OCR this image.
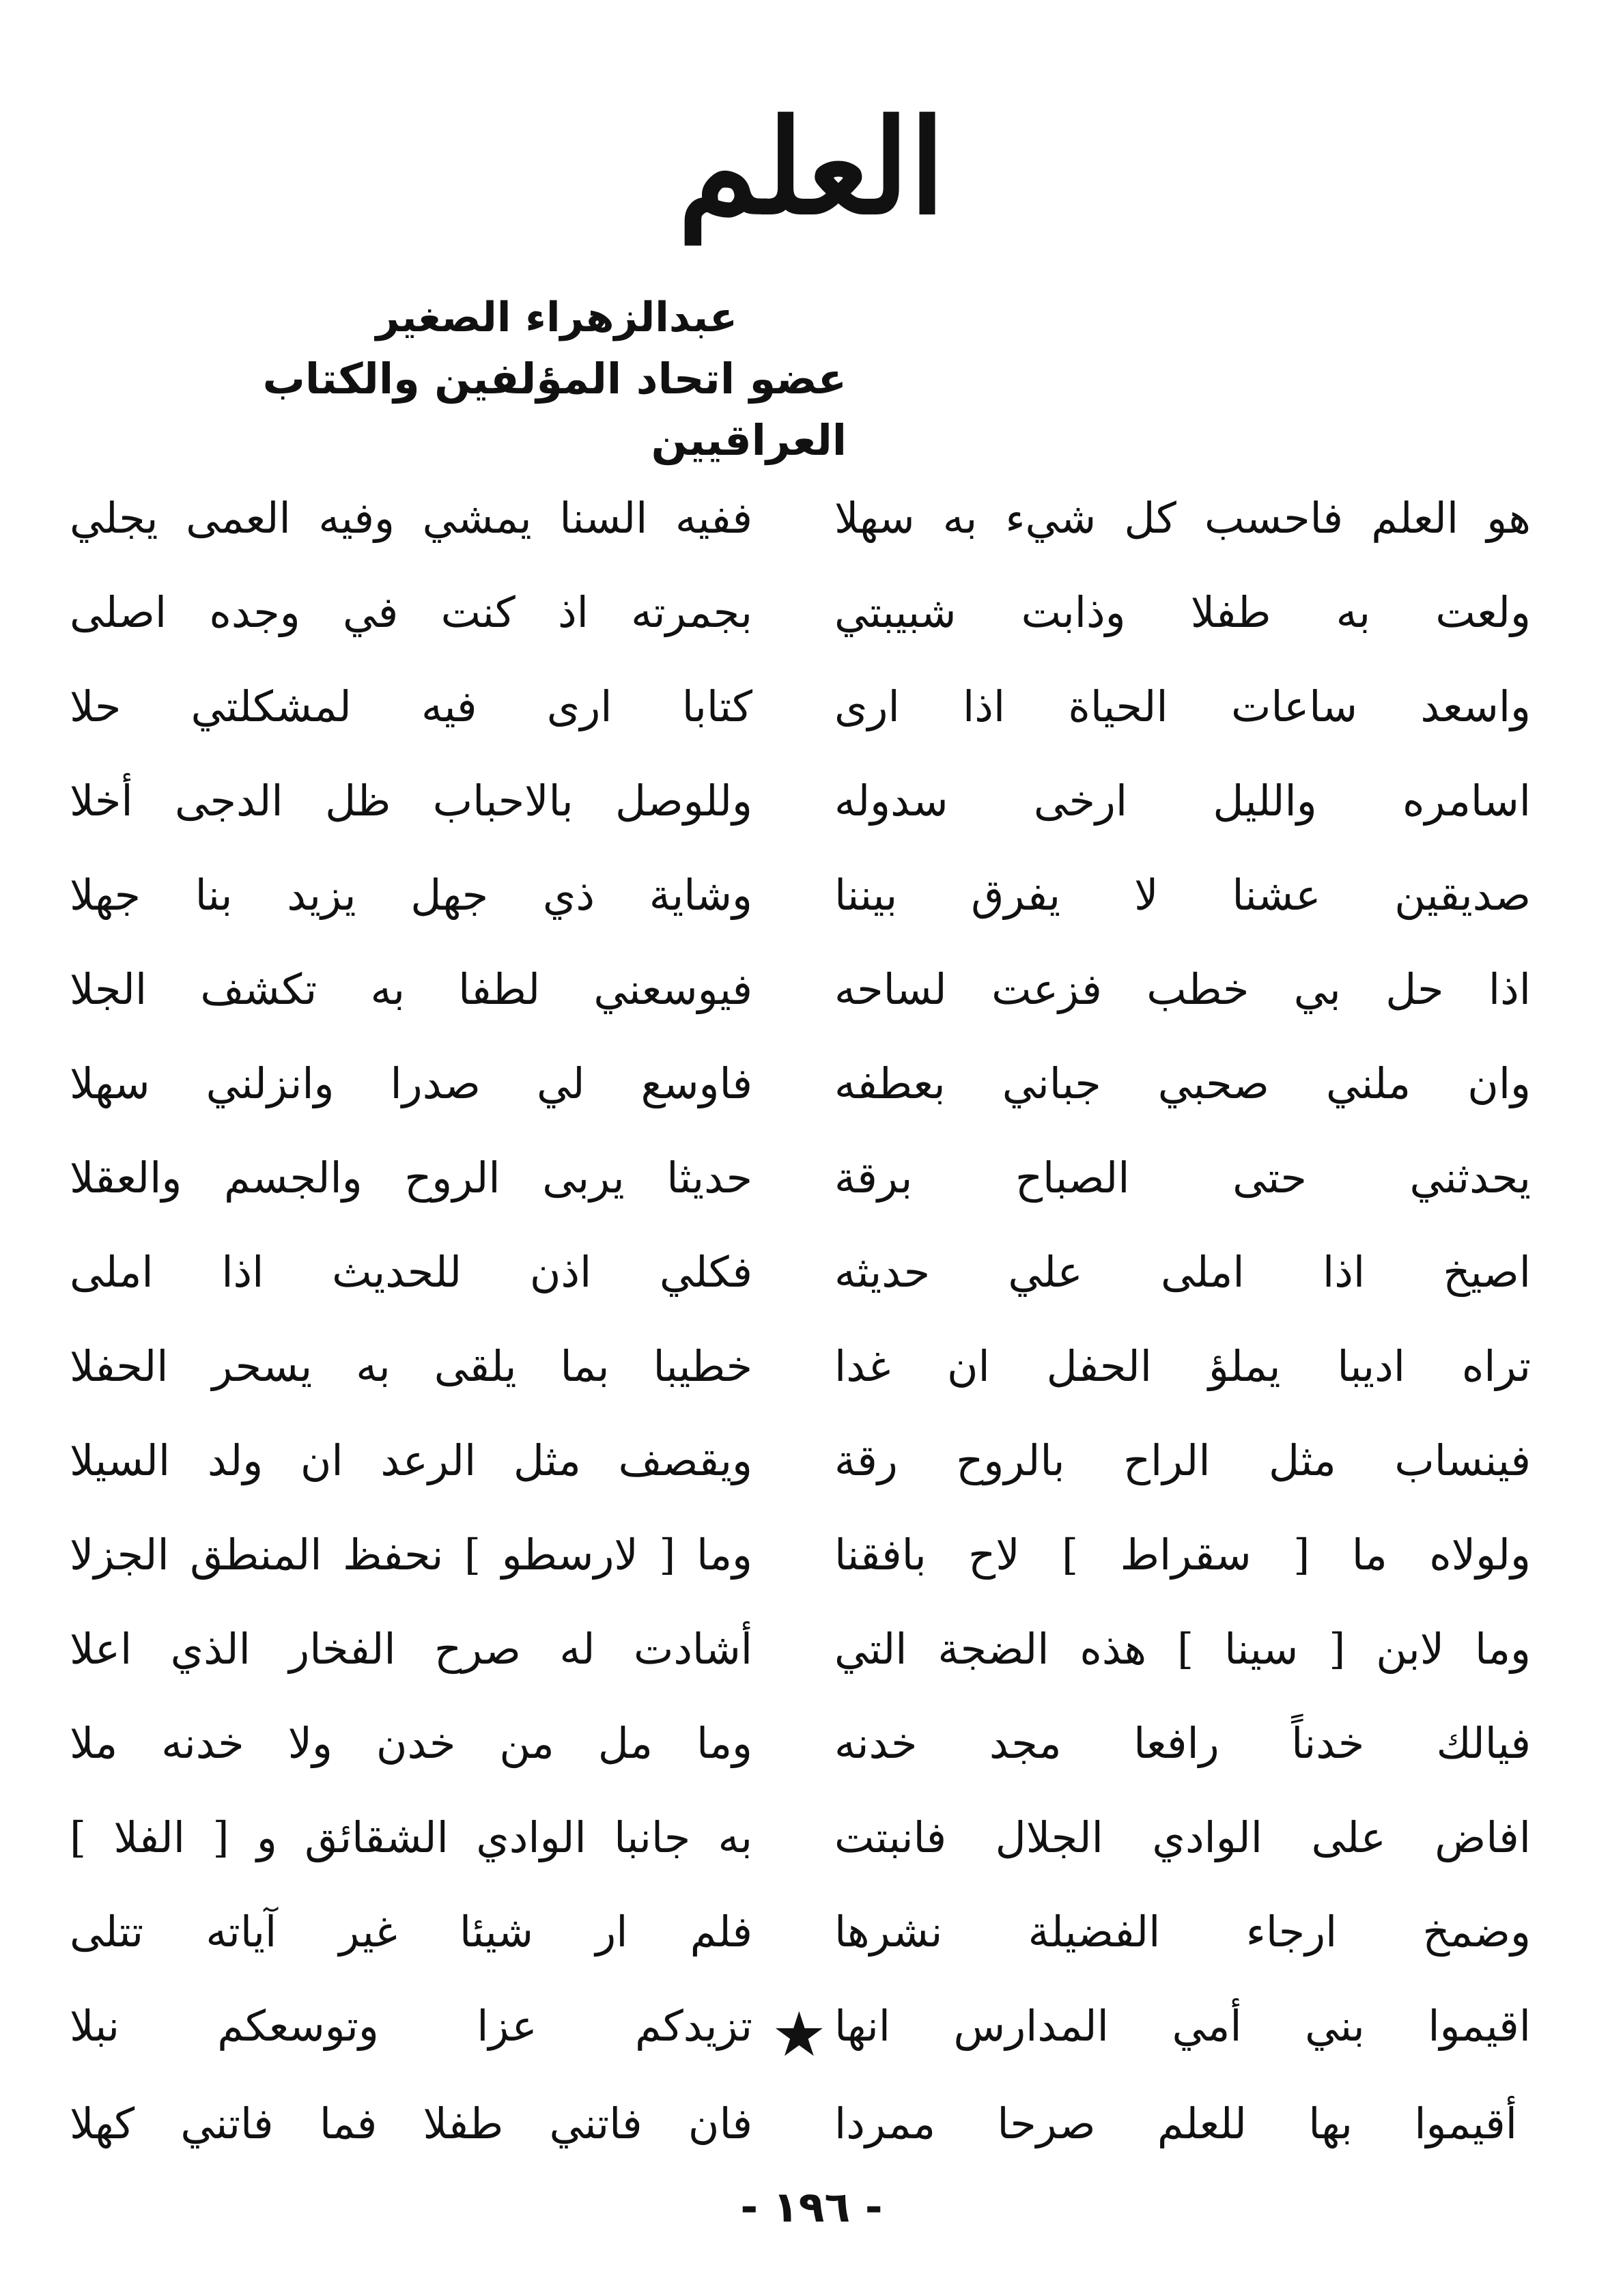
العلم
عبدالزهراء الصغير
عضو اتحاد المؤلفين والكتاب العراقيين
هو العلم فاحسب كل شيء به سهلا
ولعت به طفلا وذابت شبيبتي
واسعد ساعات الحياة اذا ارى
اسامره والليل ارخى سدوله
صديقين عشنا لا يفرق بيننا
اذا حل بي خطب فزعت لساحه
وان ملني صحبي جباني بعطفه
يحدثني حتى الصباح برقة
اصيخ اذا املى علي حديثه
تراه اديبا يملؤ الحفل ان غدا
فينساب مثل الراح بالروح رقة
ولولاه ما [ سقراط ] لاح بافقنا
وما لابن [ سينا ] هذه الضجة التي
فيالك خدناً رافعا مجد خدنه
افاض على الوادي الجلال فانبتت
وضمخ ارجاء الفضيلة نشرها
اقيموا بني أمي المدارس انها
ففيه السنا يمشي وفيه العمى يجلي
بجمرته اذ كنت في وجده اصلى
كتابا ارى فيه لمشكلتي حلا
وللوصل بالاحباب ظل الدجى أخلا
وشاية ذي جهل يزيد بنا جهلا
فيوسعني لطفا به تكشف الجلا
فاوسع لي صدرا وانزلني سهلا
حديثا يربى الروح والجسم والعقلا
فكلي اذن للحديث اذا املى
خطيبا بما يلقى به يسحر الحفلا
ويقصف مثل الرعد ان ولد السيلا
وما [ لارسطو ] نحفظ المنطق الجزلا
أشادت له صرح الفخار الذي اعلا
وما مل من خدن ولا خدنه ملا
به جانبا الوادي الشقائق و [ الفلا ]
فلم ار شيئا غير آياته تتلى
تزيدكم عزا وتوسعكم نبلا ★
أقيموا بها للعلم صرحا ممردا
فان فاتني طفلا فما فاتني كهلا
- ١٩٦ -
